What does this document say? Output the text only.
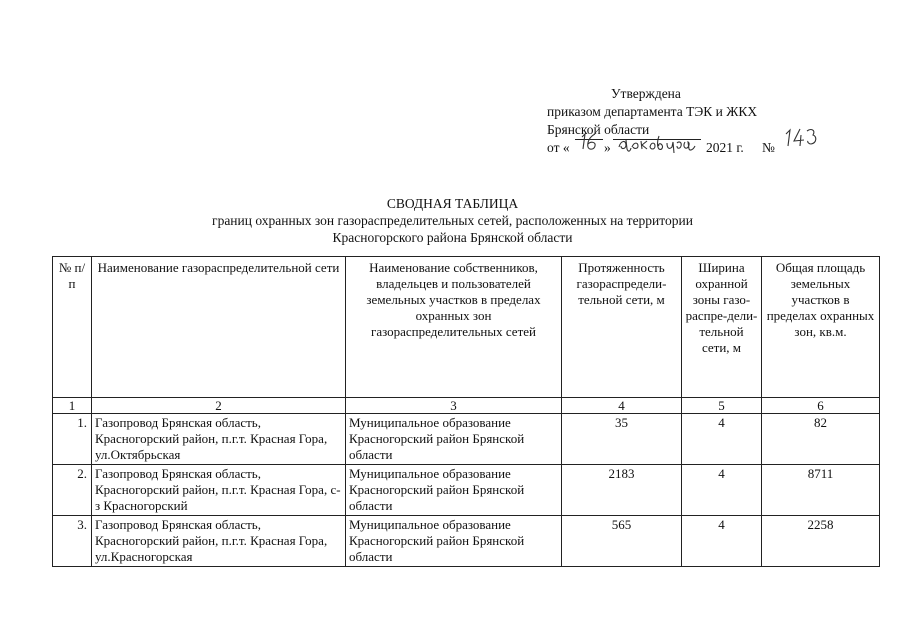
Утверждена
приказом департамента ТЭК и ЖКХ
Брянской области
от «	»	2021 г. №
СВОДНАЯ ТАБЛИЦА
границ охранных зон газораспределительных сетей, расположенных на территории
Красногорского района Брянской области
№ п/п	Наименование газораспределительной сети	Наименование собственников, владельцев и пользователей земельных участков в пределах охранных зон газораспределительных сетей	Протяженность газораспредели-тельной сети, м	Ширина охранной зоны газо-распре-дели-тельной сети, м	Общая площадь земельных участков в пределах охранных зон, кв.м.
1	2	3	4	5	6
1.	Газопровод Брянская область, Красногорский район, п.г.т. Красная Гора, ул.Октябрьская	Муниципальное образование Красногорский район Брянской области	35	4	82
2.	Газопровод Брянская область, Красногорский район, п.г.т. Красная Гора, с-з Красногорский	Муниципальное образование Красногорский район Брянской области	2183	4	8711
3.	Газопровод Брянская область, Красногорский район, п.г.т. Красная Гора, ул.Красногорская	Муниципальное образование Красногорский район Брянской области	565	4	2258
